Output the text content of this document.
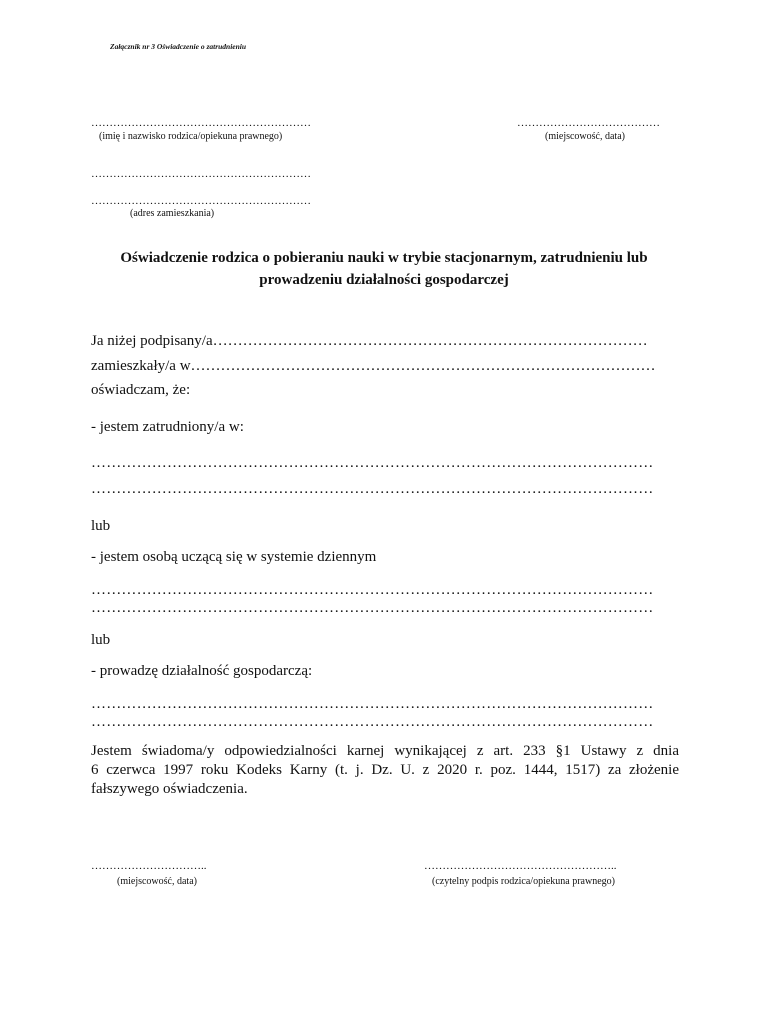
Załącznik nr 3 Oświadczenie o zatrudnieniu
……………………………………………………
(imię i nazwisko rodzica/opiekuna prawnego)
…………………………………
(miejscowość, data)
……………………………………………………
……………………………………………………
(adres zamieszkania)
Oświadczenie rodzica o pobieraniu nauki w trybie stacjonarnym, zatrudnieniu lub prowadzeniu działalności gospodarczej
Ja niżej podpisany/a……………………………………………………………………………
zamieszkały/a w…………………………………………………………………………………
oświadczam, że:
- jestem zatrudniony/a w:
…………………………………………………………………………………………………
…………………………………………………………………………………………………
lub
- jestem osobą uczącą się w systemie dziennym
…………………………………………………………………………………………………
…………………………………………………………………………………………………
lub
- prowadzę działalność gospodarczą:
…………………………………………………………………………………………………
…………………………………………………………………………………………………
Jestem świadoma/y odpowiedzialności karnej wynikającej z art. 233 §1 Ustawy z dnia
6 czerwca 1997 roku Kodeks Karny (t. j. Dz. U. z 2020 r. poz. 1444, 1517) za złożenie
fałszywego oświadczenia.
…………………………..
(miejscowość, data)
……………………………………………..
(czytelny podpis rodzica/opiekuna prawnego)
